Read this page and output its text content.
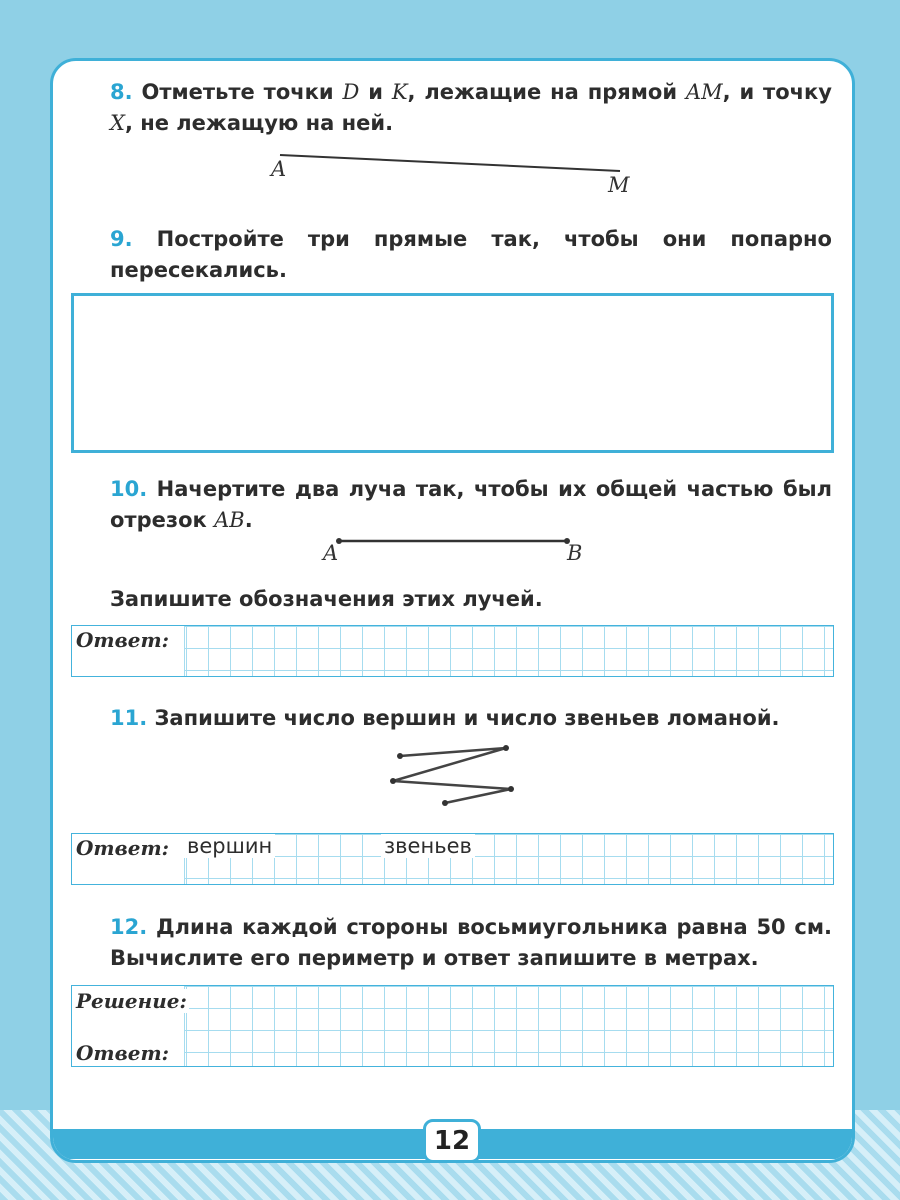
8. Отметьте точки D и K, лежащие на прямой AM, и точку X, не лежащую на ней.

A
M

9. Постройте три прямые так, чтобы они попарно пересекались.

10. Начертите два луча так, чтобы их общей частью был отрезок AB.

A	B

Запишите обозначения этих лучей.

Ответ:

11. Запишите число вершин и число звеньев ломаной.

Ответ: вершин	звеньев

12. Длина каждой стороны восьмиугольника равна 50 см. Вычислите его периметр и ответ запишите в метрах.

Решение:
Ответ:
12
